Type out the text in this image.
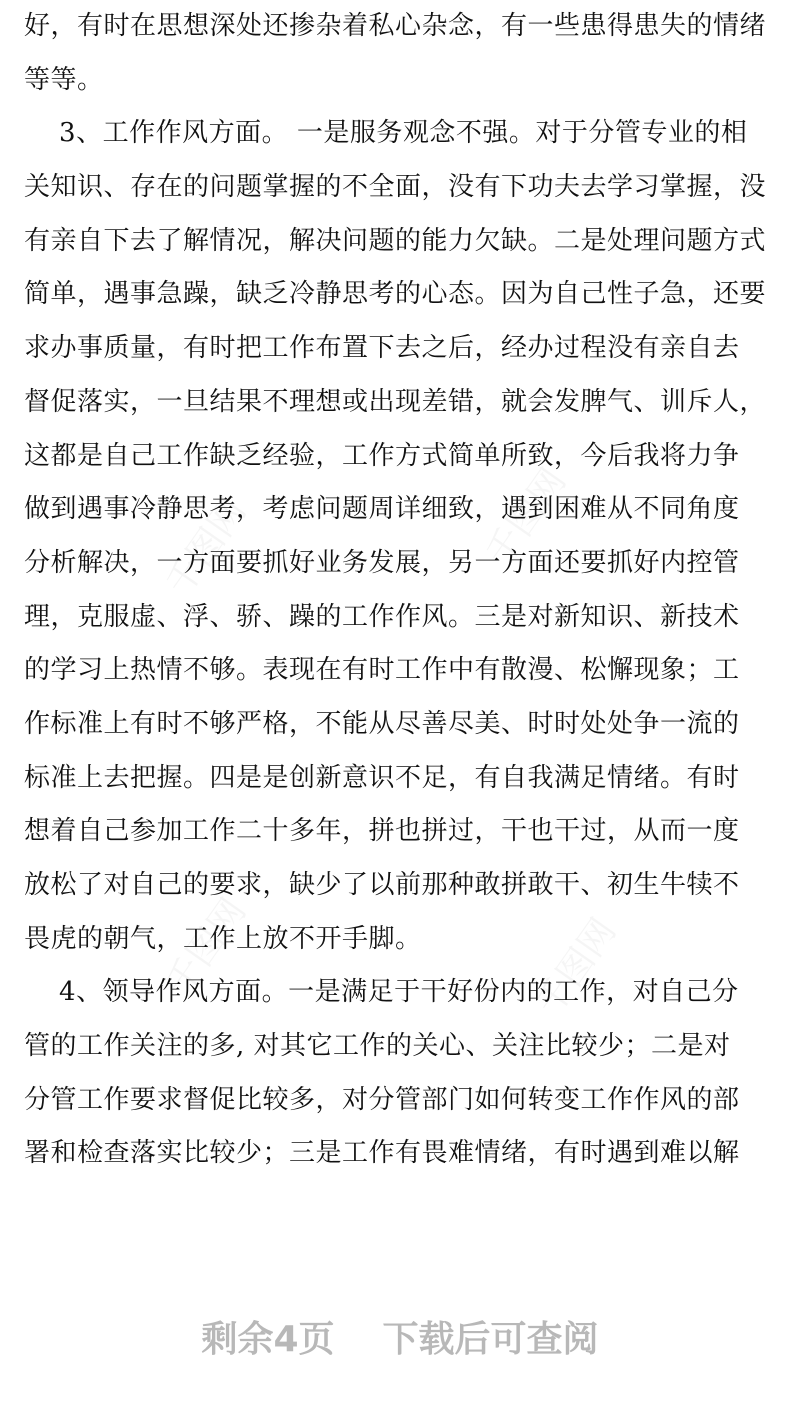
千图网	千图网
千图网	千图网
好，有时在思想深处还掺杂着私心杂念，有一些患得患失的情绪
等等。
3、工作作风方面。 一是服务观念不强。对于分管专业的相
关知识、存在的问题掌握的不全面，没有下功夫去学习掌握，没
有亲自下去了解情况，解决问题的能力欠缺。二是处理问题方式
简单，遇事急躁，缺乏冷静思考的心态。因为自己性子急，还要
求办事质量，有时把工作布置下去之后，经办过程没有亲自去
督促落实，一旦结果不理想或出现差错，就会发脾气、训斥人，
这都是自己工作缺乏经验，工作方式简单所致，今后我将力争
做到遇事冷静思考，考虑问题周详细致，遇到困难从不同角度
分析解决，一方面要抓好业务发展，另一方面还要抓好内控管
理，克服虚、浮、骄、躁的工作作风。三是对新知识、新技术
的学习上热情不够。表现在有时工作中有散漫、松懈现象；工
作标准上有时不够严格，不能从尽善尽美、时时处处争一流的
标准上去把握。四是是创新意识不足，有自我满足情绪。有时
想着自己参加工作二十多年，拼也拼过，干也干过，从而一度
放松了对自己的要求，缺少了以前那种敢拼敢干、初生牛犊不
畏虎的朝气，工作上放不开手脚。
4、领导作风方面。一是满足于干好份内的工作，对自己分
管的工作关注的多, 对其它工作的关心、关注比较少；二是对
分管工作要求督促比较多，对分管部门如何转变工作作风的部
署和检查落实比较少；三是工作有畏难情绪，有时遇到难以解
剩余4页 下载后可查阅
